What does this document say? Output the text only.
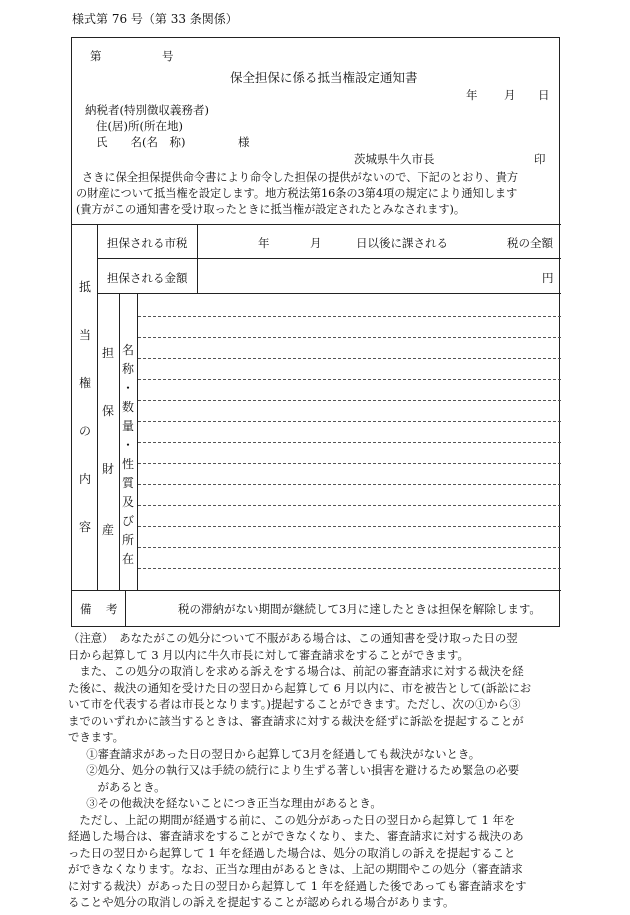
様式第 76 号（第 33 条関係）
第	号
保全担保に係る抵当権設定通知書
年 月 日
納税者(特別徴収義務者)
住(居)所(所在地)
氏　　名(名　称)	様
茨城県牛久市長	印
さきに保全担保提供命令書により命令した担保の提供がないので、下記のとおり、貴方
の財産について抵当権を設定します。地方税法第16条の3第4項の規定により通知します
(貴方がこの通知書を受け取ったときに抵当権が設定されたとみなされます)。
抵
当
権
の
内
容
担保される市税	年	月	日以後に課される	税の全額
担保される金額	円
担
保
財
産
名
称
・
数
量
・
性
質
及
び
所
在
備 考	税の滞納がない期間が継続して3月に達したときは担保を解除します。

（注意）　あなたがこの処分について不服がある場合は、この通知書を受け取った日の翌

日から起算して 3 月以内に牛久市長に対して審査請求をすることができます。

また、この処分の取消しを求める訴えをする場合は、前記の審査請求に対する裁決を経

た後に、裁決の通知を受けた日の翌日から起算して 6 月以内に、市を被告として(訴訟にお

いて市を代表する者は市長となります。)提起することができます。ただし、次の①から③

までのいずれかに該当するときは、審査請求に対する裁決を経ずに訴訟を提起することが

できます。

①審査請求があった日の翌日から起算して3月を経過しても裁決がないとき。

②処分、処分の執行又は手続の続行により生ずる著しい損害を避けるため緊急の必要

があるとき。

③その他裁決を経ないことにつき正当な理由があるとき。

ただし、上記の期間が経過する前に、この処分があった日の翌日から起算して 1 年を

経過した場合は、審査請求をすることができなくなり、また、審査請求に対する裁決のあ

った日の翌日から起算して 1 年を経過した場合は、処分の取消しの訴えを提起すること

ができなくなります。なお、正当な理由があるときは、上記の期間やこの処分（審査請求

に対する裁決）があった日の翌日から起算して 1 年を経過した後であっても審査請求をす

ることや処分の取消しの訴えを提起することが認められる場合があります。
